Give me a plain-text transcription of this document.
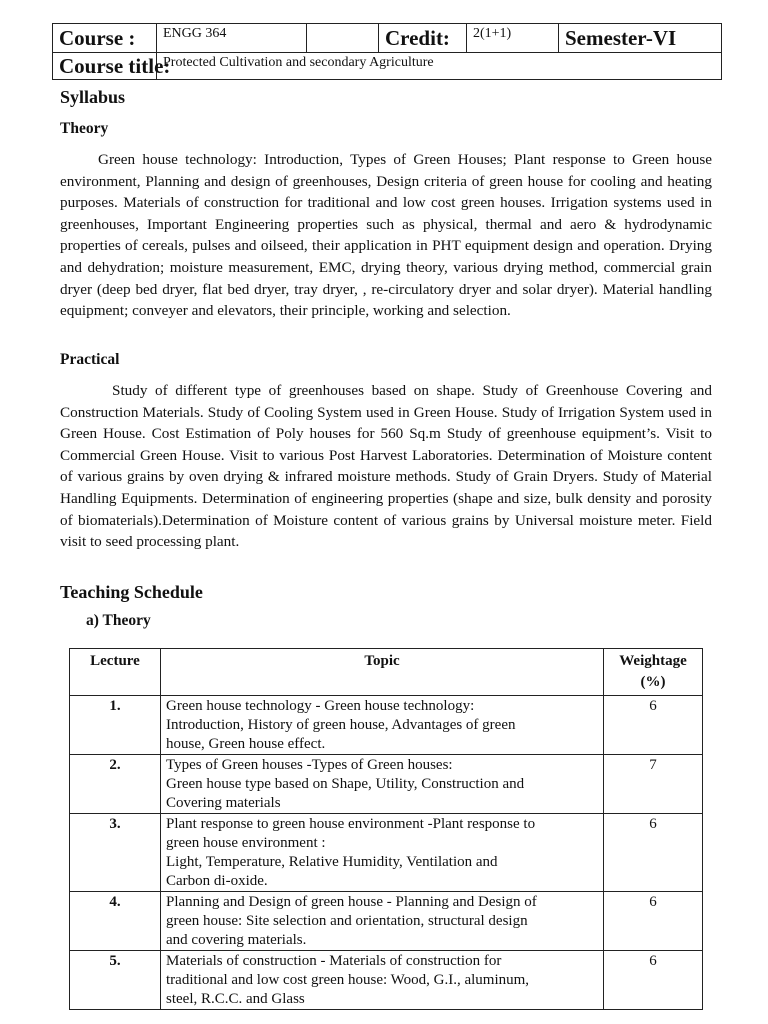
Course :	ENGG 364		Credit:	2(1+1)	Semester-VI
Course title:	Protected Cultivation and secondary Agriculture				
Syllabus
Theory

Green house technology: Introduction, Types of Green Houses; Plant response to Green house environment, Planning and design of greenhouses, Design criteria of green house for cooling and heating purposes. Materials of construction for traditional and low cost green houses. Irrigation systems used in greenhouses, Important Engineering properties such as physical, thermal and aero & hydrodynamic properties of cereals, pulses and oilseed, their application in PHT equipment design and operation. Drying and dehydration; moisture measurement, EMC, drying theory, various drying method, commercial grain dryer (deep bed dryer, flat bed dryer, tray dryer, , re-circulatory dryer and solar dryer). Material handling equipment; conveyer and elevators, their principle, working and selection.

Practical

Study of different type of greenhouses based on shape. Study of Greenhouse Covering and Construction Materials. Study of Cooling System used in Green House. Study of Irrigation System used in Green House. Cost Estimation of Poly houses for 560 Sq.m Study of greenhouse equipment’s. Visit to Commercial Green House. Visit to various Post Harvest Laboratories. Determination of Moisture content of various grains by oven drying & infrared moisture methods. Study of Grain Dryers. Study of Material Handling Equipments. Determination of engineering properties (shape and size, bulk density and porosity of biomaterials).Determination of Moisture content of various grains by Universal moisture meter. Field visit to seed processing plant.

Teaching Schedule
a) Theory
Lecture	Topic	Weightage (%)
1.	Green house technology - Green house technology:
Introduction, History of green house, Advantages of green
house, Green house effect.	6
2.	Types of Green houses -Types of Green houses:
Green house type based on Shape, Utility, Construction and
Covering materials	7
3.	Plant response to green house environment -Plant response to
green house environment :
Light, Temperature, Relative Humidity, Ventilation and
Carbon di-oxide.	6
4.	Planning and Design of green house - Planning and Design of
green house: Site selection and orientation, structural design
and covering materials.	6
5.	Materials of construction - Materials of construction for
traditional and low cost green house: Wood, G.I., aluminum,
steel, R.C.C. and Glass	6
